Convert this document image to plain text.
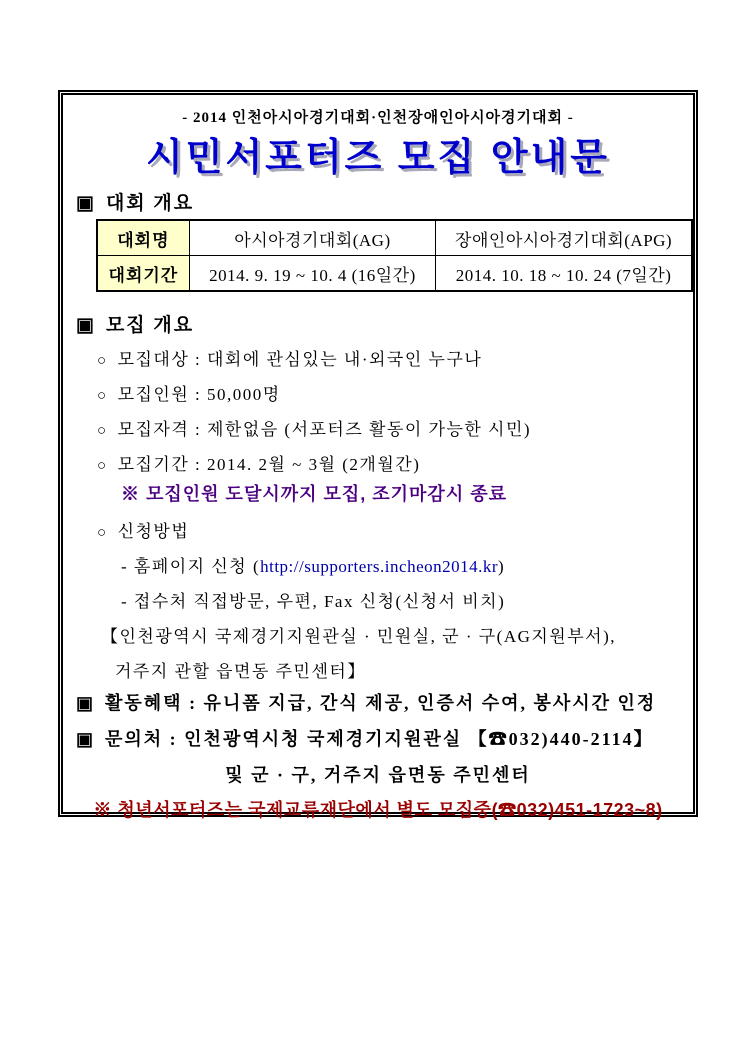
- 2014 인천아시아경기대회·인천장애인아시아경기대회 -
시민서포터즈 모집 안내문
▣ 대회 개요
대회명	아시아경기대회(AG)	장애인아시아경기대회(APG)
대회기간	2014. 9. 19 ~ 10. 4 (16일간)	2014. 10. 18 ~ 10. 24 (7일간)
▣ 모집 개요
○ 모집대상 : 대회에 관심있는 내·외국인 누구나
○ 모집인원 : 50,000명
○ 모집자격 : 제한없음 (서포터즈 활동이 가능한 시민)
○ 모집기간 : 2014. 2월 ~ 3월 (2개월간)
※ 모집인원 도달시까지 모집, 조기마감시 종료
○ 신청방법
- 홈페이지 신청 (http://supporters.incheon2014.kr)
- 접수처 직접방문, 우편, Fax 신청(신청서 비치)
【인천광역시 국제경기지원관실 · 민원실, 군 · 구(AG지원부서),
거주지 관할 읍면동 주민센터】
▣ 활동혜택 : 유니폼 지급, 간식 제공, 인증서 수여, 봉사시간 인정
▣ 문의처 : 인천광역시청 국제경기지원관실 【☎032)440-2114】
및 군 · 구, 거주지 읍면동 주민센터
※ 청년서포터즈는 국제교류재단에서 별도 모집중(☎032)451-1723~8)
